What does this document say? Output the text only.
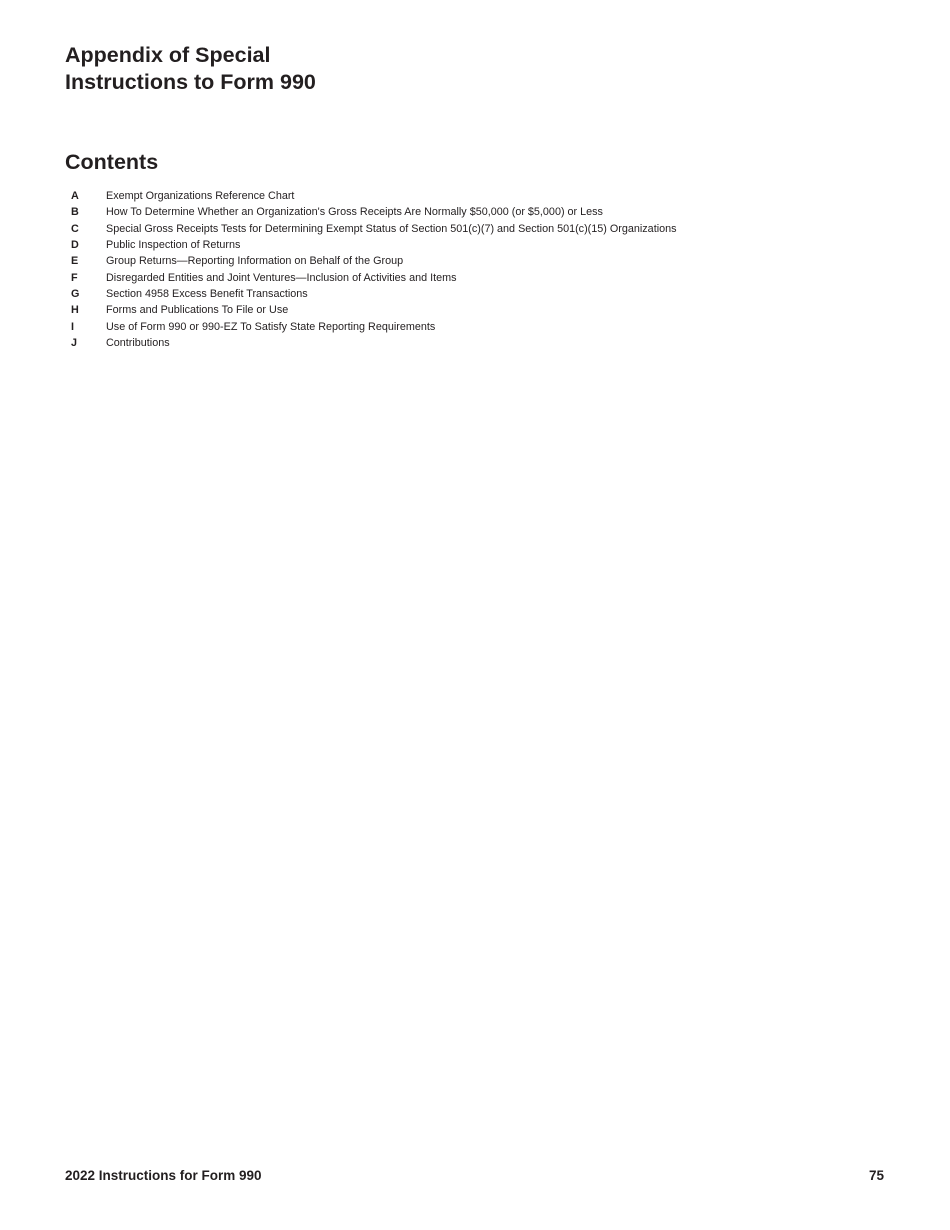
Appendix of Special Instructions to Form 990
Contents
A	Exempt Organizations Reference Chart
B	How To Determine Whether an Organization's Gross Receipts Are Normally $50,000 (or $5,000) or Less
C	Special Gross Receipts Tests for Determining Exempt Status of Section 501(c)(7) and Section 501(c)(15) Organizations
D	Public Inspection of Returns
E	Group Returns—Reporting Information on Behalf of the Group
F	Disregarded Entities and Joint Ventures—Inclusion of Activities and Items
G	Section 4958 Excess Benefit Transactions
H	Forms and Publications To File or Use
I	Use of Form 990 or 990-EZ To Satisfy State Reporting Requirements
J	Contributions
2022 Instructions for Form 990	75
